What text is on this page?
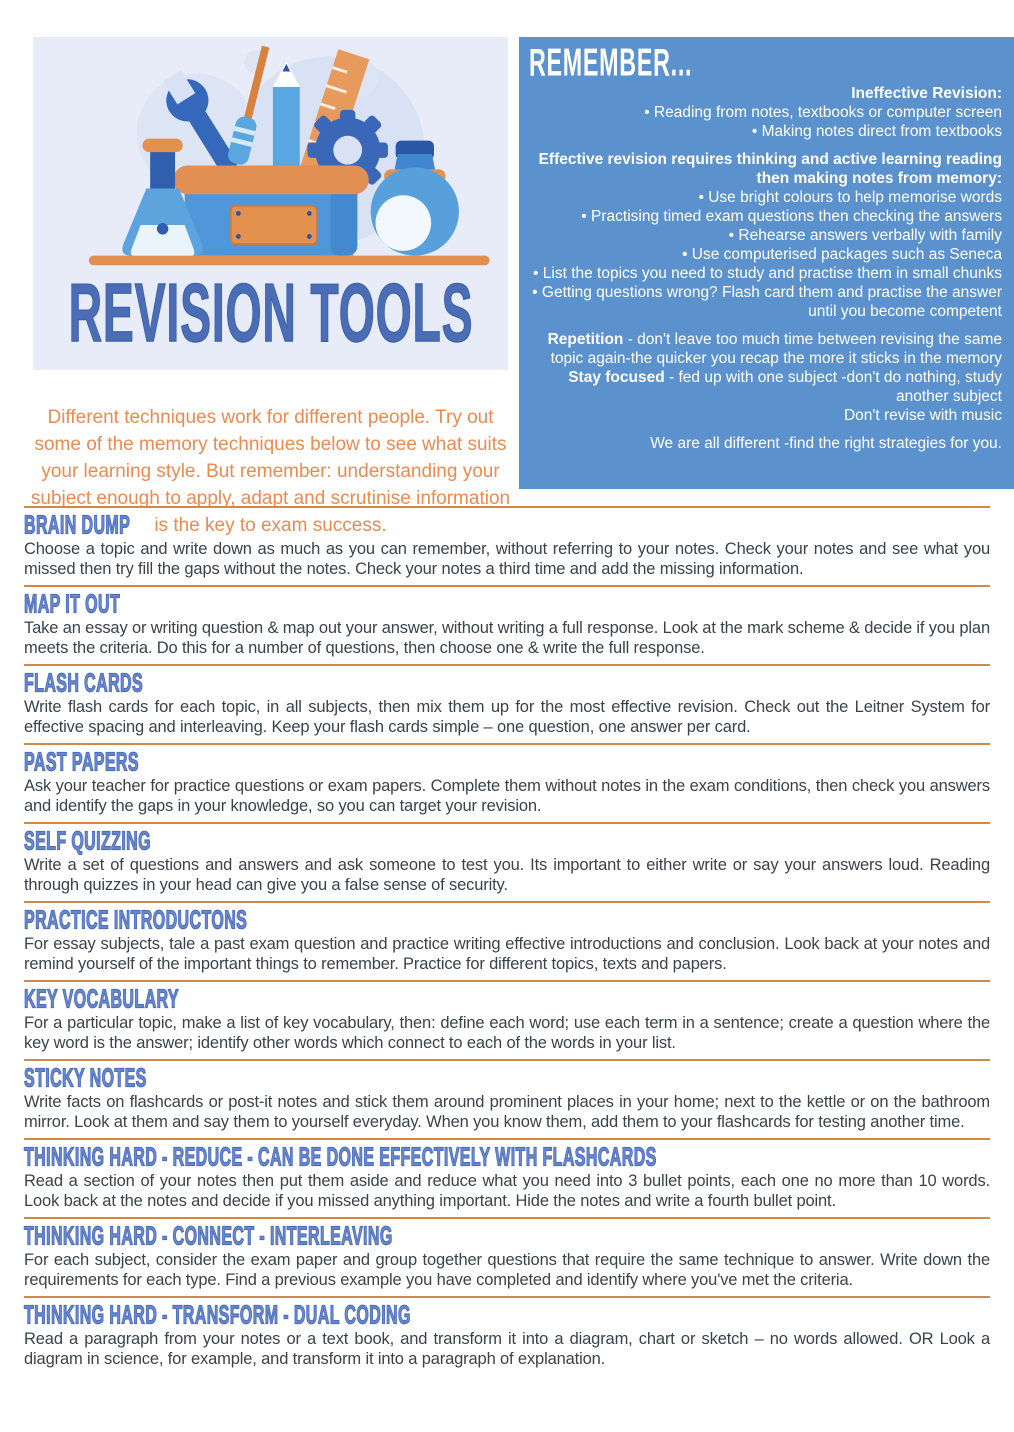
REVISION TOOLS

Different techniques work for different people. Try out some of the memory techniques below to see what suits your learning style. But remember: understanding your subject enough to apply, adapt and scrutinise information is the key to exam success.

REMEMBER...
Ineffective Revision:
• Reading from notes, textbooks or computer screen
• Making notes direct from textbooks
Effective revision requires thinking and active learning reading then making notes from memory:
• Use bright colours to help memorise words
• Practising timed exam questions then checking the answers
• Rehearse answers verbally with family
• Use computerised packages such as Seneca
• List the topics you need to study and practise them in small chunks
• Getting questions wrong? Flash card them and practise the answer until you become competent
Repetition - don't leave too much time between revising the same topic again-the quicker you recap the more it sticks in the memory
Stay focused - fed up with one subject -don't do nothing, study another subject
Don't revise with music
We are all different -find the right strategies for you.
BRAIN DUMP

Choose a topic and write down as much as you can remember, without referring to your notes. Check your notes and see what you missed then try fill the gaps without the notes. Check your notes a third time and add the missing information.

MAP IT OUT

Take an essay or writing question & map out your answer, without writing a full response. Look at the mark scheme & decide if you plan meets the criteria. Do this for a number of questions, then choose one & write the full response.

FLASH CARDS

Write flash cards for each topic, in all subjects, then mix them up for the most effective revision. Check out the Leitner System for effective spacing and interleaving. Keep your flash cards simple – one question, one answer per card.

PAST PAPERS

Ask your teacher for practice questions or exam papers. Complete them without notes in the exam conditions, then check you answers and identify the gaps in your knowledge, so you can target your revision.

SELF QUIZZING

Write a set of questions and answers and ask someone to test you. Its important to either write or say your answers loud. Reading through quizzes in your head can give you a false sense of security.

PRACTICE INTRODUCTONS

For essay subjects, tale a past exam question and practice writing effective introductions and conclusion. Look back at your notes and remind yourself of the important things to remember. Practice for different topics, texts and papers.

KEY VOCABULARY

For a particular topic, make a list of key vocabulary, then: define each word; use each term in a sentence; create a question where the key word is the answer; identify other words which connect to each of the words in your list.

STICKY NOTES

Write facts on flashcards or post-it notes and stick them around prominent places in your home; next to the kettle or on the bathroom mirror. Look at them and say them to yourself everyday. When you know them, add them to your flashcards for testing another time.

THINKING HARD - REDUCE - CAN BE DONE EFFECTIVELY WITH FLASHCARDS

Read a section of your notes then put them aside and reduce what you need into 3 bullet points, each one no more than 10 words. Look back at the notes and decide if you missed anything important. Hide the notes and write a fourth bullet point.

THINKING HARD - CONNECT - INTERLEAVING

For each subject, consider the exam paper and group together questions that require the same technique to answer. Write down the requirements for each type. Find a previous example you have completed and identify where you've met the criteria.

THINKING HARD - TRANSFORM - DUAL CODING

Read a paragraph from your notes or a text book, and transform it into a diagram, chart or sketch – no words allowed. OR Look a diagram in science, for example, and transform it into a paragraph of explanation.
